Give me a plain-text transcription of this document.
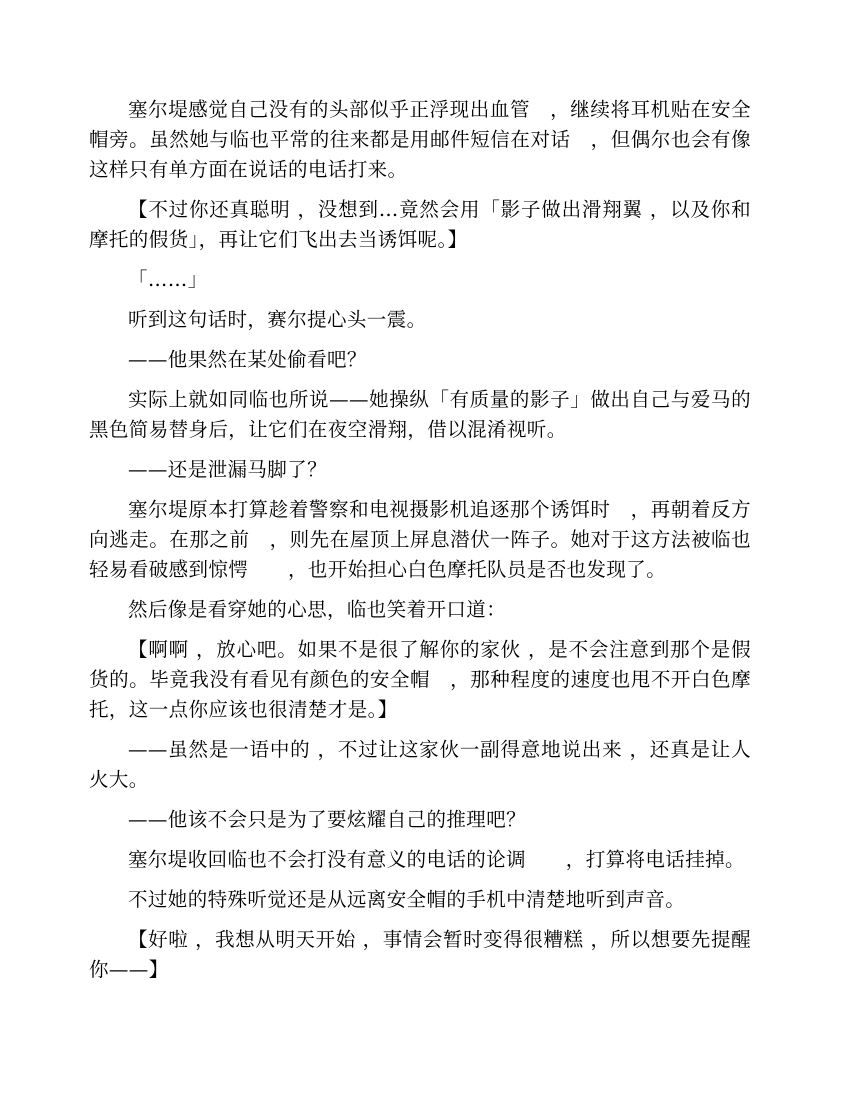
塞尔堤感觉自己没有的头部似乎正浮现出血管　，继续将耳机贴在安全帽旁。虽然她与临也平常的往来都是用邮件短信在对话　，但偶尔也会有像这样只有单方面在说话的电话打来。

【不过你还真聪明 ，没想到…竟然会用「影子做出滑翔翼 ，以及你和摩托的假货」，再让它们飞出去当诱饵呢。】

「……」

听到这句话时，赛尔提心头一震。

——他果然在某处偷看吧？

实际上就如同临也所说——她操纵「有质量的影子」做出自己与爱马的黑色简易替身后，让它们在夜空滑翔，借以混淆视听。

——还是泄漏马脚了？

塞尔堤原本打算趁着警察和电视摄影机追逐那个诱饵时　，再朝着反方向逃走。在那之前　，则先在屋顶上屏息潜伏一阵子。她对于这方法被临也轻易看破感到惊愕　　，也开始担心白色摩托队员是否也发现了。

然后像是看穿她的心思，临也笑着开口道：

【啊啊 ，放心吧。如果不是很了解你的家伙 ，是不会注意到那个是假货的。毕竟我没有看见有颜色的安全帽　，那种程度的速度也甩不开白色摩托，这一点你应该也很清楚才是。】

——虽然是一语中的 ，不过让这家伙一副得意地说出来 ，还真是让人火大。

——他该不会只是为了要炫耀自己的推理吧？

塞尔堤收回临也不会打没有意义的电话的论调　　，打算将电话挂掉。

不过她的特殊听觉还是从远离安全帽的手机中清楚地听到声音。

【好啦 ，我想从明天开始 ，事情会暂时变得很糟糕 ，所以想要先提醒你——】
